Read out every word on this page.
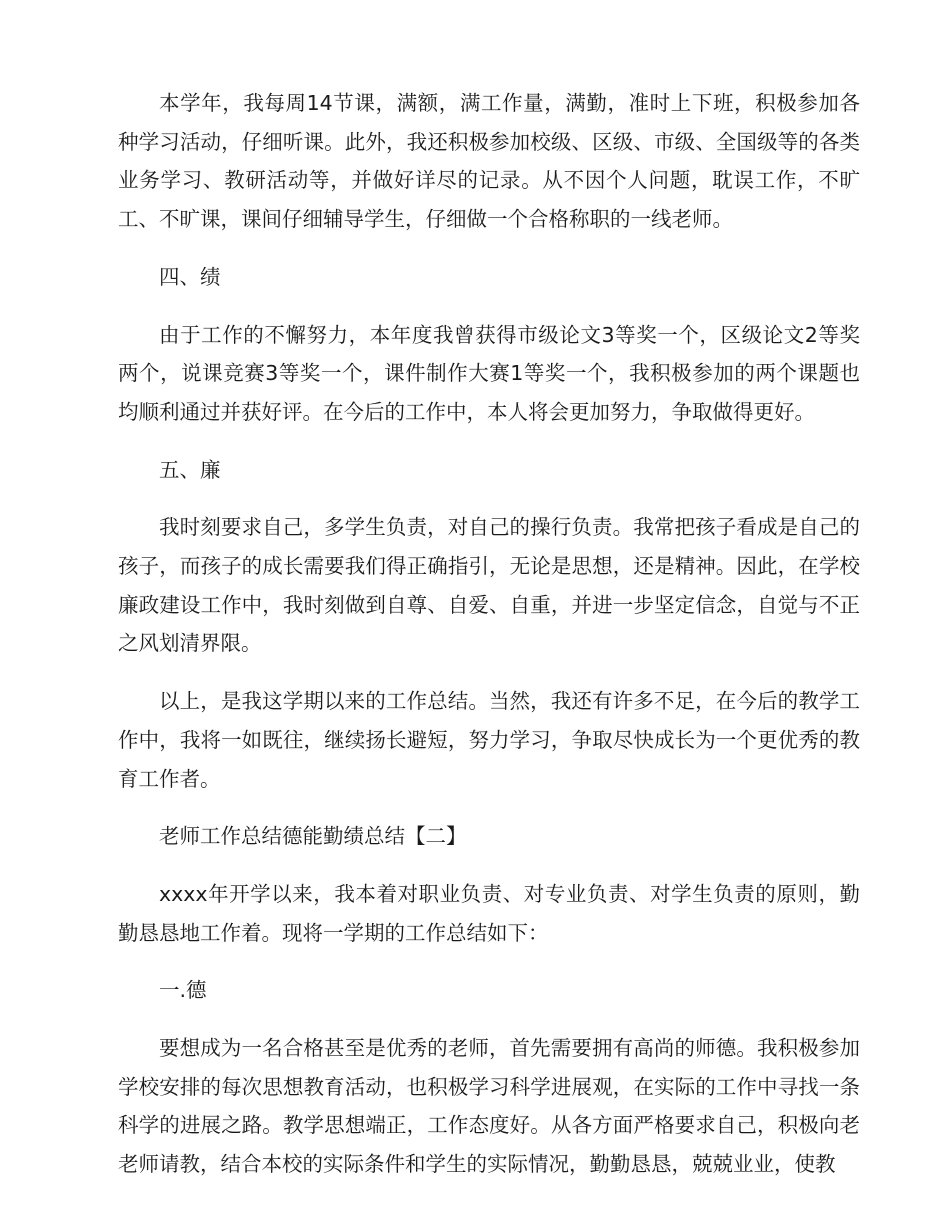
本学年，我每周14节课，满额，满工作量，满勤，准时上下班，积极参加各种学习活动，仔细听课。此外，我还积极参加校级、区级、市级、全国级等的各类业务学习、教研活动等，并做好详尽的记录。从不因个人问题，耽误工作，不旷工、不旷课，课间仔细辅导学生，仔细做一个合格称职的一线老师。

四、绩

由于工作的不懈努力，本年度我曾获得市级论文3等奖一个，区级论文2等奖两个，说课竞赛3等奖一个，课件制作大赛1等奖一个，我积极参加的两个课题也均顺利通过并获好评。在今后的工作中，本人将会更加努力，争取做得更好。

五、廉

我时刻要求自己，多学生负责，对自己的操行负责。我常把孩子看成是自己的孩子，而孩子的成长需要我们得正确指引，无论是思想，还是精神。因此，在学校廉政建设工作中，我时刻做到自尊、自爱、自重，并进一步坚定信念，自觉与不正之风划清界限。

以上，是我这学期以来的工作总结。当然，我还有许多不足，在今后的教学工作中，我将一如既往，继续扬长避短，努力学习，争取尽快成长为一个更优秀的教育工作者。

老师工作总结德能勤绩总结【二】

xxxx年开学以来，我本着对职业负责、对专业负责、对学生负责的原则，勤勤恳恳地工作着。现将一学期的工作总结如下：

一.德

要想成为一名合格甚至是优秀的老师，首先需要拥有高尚的师德。我积极参加学校安排的每次思想教育活动，也积极学习科学进展观，在实际的工作中寻找一条科学的进展之路。教学思想端正，工作态度好。从各方面严格要求自己，积极向老老师请教，结合本校的实际条件和学生的实际情况，勤勤恳恳，兢兢业业，使教
